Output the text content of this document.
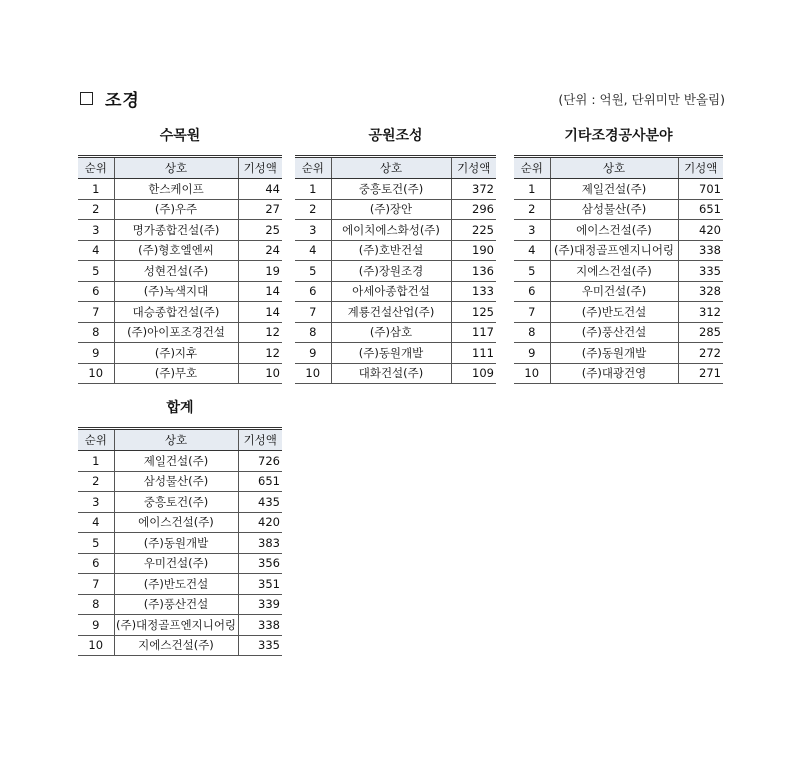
조경	(단위 : 억원, 단위미만 반올림)
수목원
순위	상호	기성액
1	한스케이프	44
2	(주)우주	27
3	명가종합건설(주)	25
4	(주)형호엘엔씨	24
5	성현건설(주)	19
6	(주)녹색지대	14
7	대승종합건설(주)	14
8	(주)아이포조경건설	12
9	(주)지후	12
10	(주)무호	10
공원조성
순위	상호	기성액
1	중흥토건(주)	372
2	(주)장안	296
3	에이치에스화성(주)	225
4	(주)호반건설	190
5	(주)장원조경	136
6	아세아종합건설	133
7	계룡건설산업(주)	125
8	(주)삼호	117
9	(주)동원개발	111
10	대화건설(주)	109
기타조경공사분야
순위	상호	기성액
1	제일건설(주)	701
2	삼성물산(주)	651
3	에이스건설(주)	420
4	(주)대정골프엔지니어링	338
5	지에스건설(주)	335
6	우미건설(주)	328
7	(주)반도건설	312
8	(주)풍산건설	285
9	(주)동원개발	272
10	(주)대광건영	271
합계
순위	상호	기성액
1	제일건설(주)	726
2	삼성물산(주)	651
3	중흥토건(주)	435
4	에이스건설(주)	420
5	(주)동원개발	383
6	우미건설(주)	356
7	(주)반도건설	351
8	(주)풍산건설	339
9	(주)대정골프엔지니어링	338
10	지에스건설(주)	335
